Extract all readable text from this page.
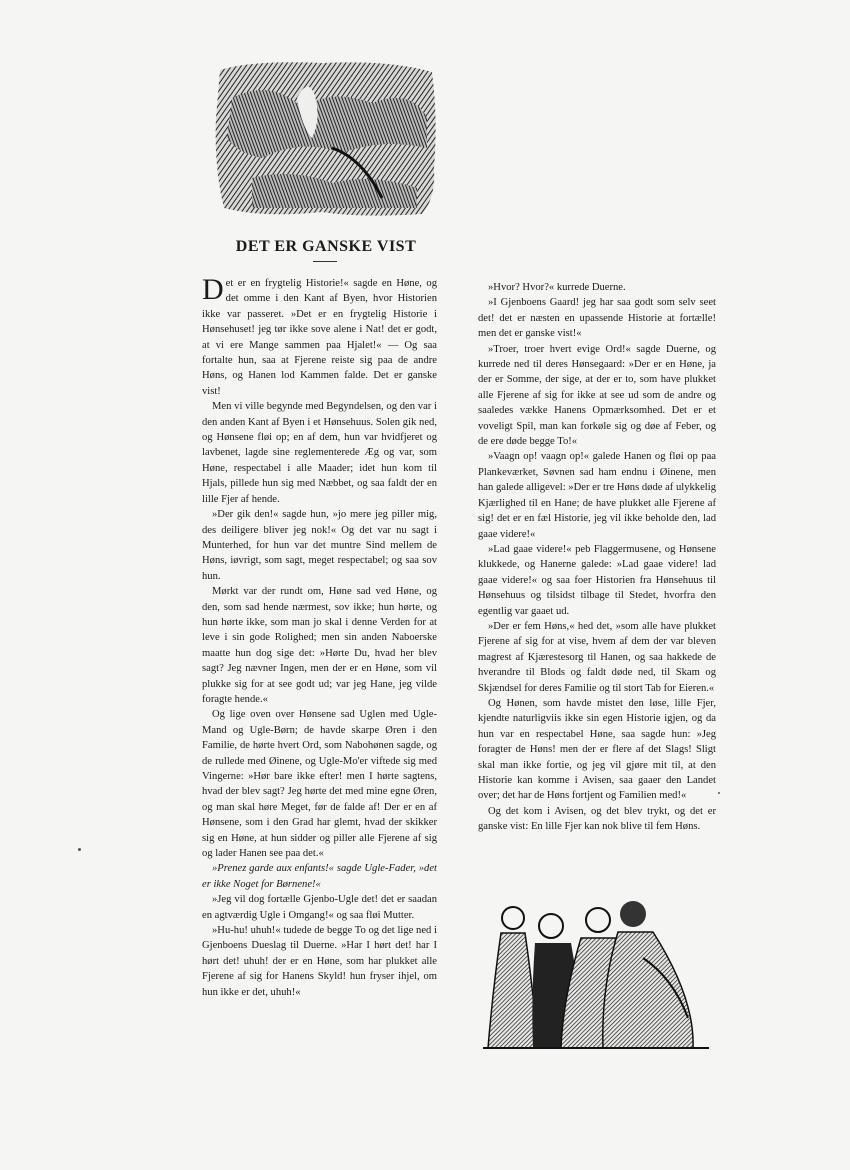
DET ER GANSKE VIST

Det er en frygtelig Historie!« sagde en Høne, og det omme i den Kant af Byen, hvor Historien ikke var passeret. »Det er en frygtelig Historie i Hønsehuset! jeg tør ikke sove alene i Nat! det er godt, at vi ere Mange sammen paa Hjalet!« — Og saa fortalte hun, saa at Fjerene reiste sig paa de andre Høns, og Hanen lod Kammen falde. Det er ganske vist!

Men vi ville begynde med Begyndelsen, og den var i den anden Kant af Byen i et Hønsehuus. Solen gik ned, og Hønsene fløi op; en af dem, hun var hvidfjeret og lavbenet, lagde sine reglementerede Æg og var, som Høne, respectabel i alle Maader; idet hun kom til Hjals, pillede hun sig med Næbbet, og saa faldt der en lille Fjer af hende.

»Der gik den!« sagde hun, »jo mere jeg piller mig, des deiligere bliver jeg nok!« Og det var nu sagt i Munterhed, for hun var det muntre Sind mellem de Høns, iøvrigt, som sagt, meget respectabel; og saa sov hun.

Mørkt var der rundt om, Høne sad ved Høne, og den, som sad hende nærmest, sov ikke; hun hørte, og hun hørte ikke, som man jo skal i denne Verden for at leve i sin gode Rolighed; men sin anden Naboerske maatte hun dog sige det: »Hørte Du, hvad her blev sagt? Jeg nævner Ingen, men der er en Høne, som vil plukke sig for at see godt ud; var jeg Hane, jeg vilde foragte hende.«

Og lige oven over Hønsene sad Uglen med Ugle-Mand og Ugle-Børn; de havde skarpe Øren i den Familie, de hørte hvert Ord, som Nabohønen sagde, og de rullede med Øinene, og Ugle-Mo'er viftede sig med Vingerne: »Hør bare ikke efter! men I hørte sagtens, hvad der blev sagt? Jeg hørte det med mine egne Øren, og man skal høre Meget, før de falde af! Der er en af Hønsene, som i den Grad har glemt, hvad der skikker sig en Høne, at hun sidder og piller alle Fjerene af sig og lader Hanen see paa det.«

»Prenez garde aux enfants!« sagde Ugle-Fader, »det er ikke Noget for Børnene!«

»Jeg vil dog fortælle Gjenbo-Ugle det! det er saadan en agtværdig Ugle i Omgang!« og saa fløi Mutter.

»Hu-hu! uhuh!« tudede de begge To og det lige ned i Gjenboens Dueslag til Duerne. »Har I hørt det! har I hørt det! uhuh! der er en Høne, som har plukket alle Fjerene af sig for Hanens Skyld! hun fryser ihjel, om hun ikke er det, uhuh!«

»Hvor? Hvor?« kurrede Duerne.

»I Gjenboens Gaard! jeg har saa godt som selv seet det! det er næsten en upassende Historie at fortælle! men det er ganske vist!«

»Troer, troer hvert evige Ord!« sagde Duerne, og kurrede ned til deres Hønsegaard: »Der er en Høne, ja der er Somme, der sige, at der er to, som have plukket alle Fjerene af sig for ikke at see ud som de andre og saaledes vække Hanens Opmærksomhed. Det er et voveligt Spil, man kan forkøle sig og døe af Feber, og de ere døde begge To!«

»Vaagn op! vaagn op!« galede Hanen og fløi op paa Plankeværket, Søvnen sad ham endnu i Øinene, men han galede alligevel: »Der er tre Høns døde af ulykkelig Kjærlighed til en Hane; de have plukket alle Fjerene af sig! det er en fæl Historie, jeg vil ikke beholde den, lad gaae videre!«

»Lad gaae videre!« peb Flaggermusene, og Hønsene klukkede, og Hanerne galede: »Lad gaae videre! lad gaae videre!« og saa foer Historien fra Hønsehuus til Hønsehuus og tilsidst tilbage til Stedet, hvorfra den egentlig var gaaet ud.

»Der er fem Høns,« hed det, »som alle have plukket Fjerene af sig for at vise, hvem af dem der var bleven magrest af Kjærestesorg til Hanen, og saa hakkede de hverandre til Blods og faldt døde ned, til Skam og Skjændsel for deres Familie og til stort Tab for Eieren.«

Og Hønen, som havde mistet den løse, lille Fjer, kjendte naturligviis ikke sin egen Historie igjen, og da hun var en respectabel Høne, saa sagde hun: »Jeg foragter de Høns! men der er flere af det Slags! Sligt skal man ikke fortie, og jeg vil gjøre mit til, at den Historie kan komme i Avisen, saa gaaer den Landet over; det har de Høns fortjent og Familien med!«

Og det kom i Avisen, og det blev trykt, og det er ganske vist: En lille Fjer kan nok blive til fem Høns.
